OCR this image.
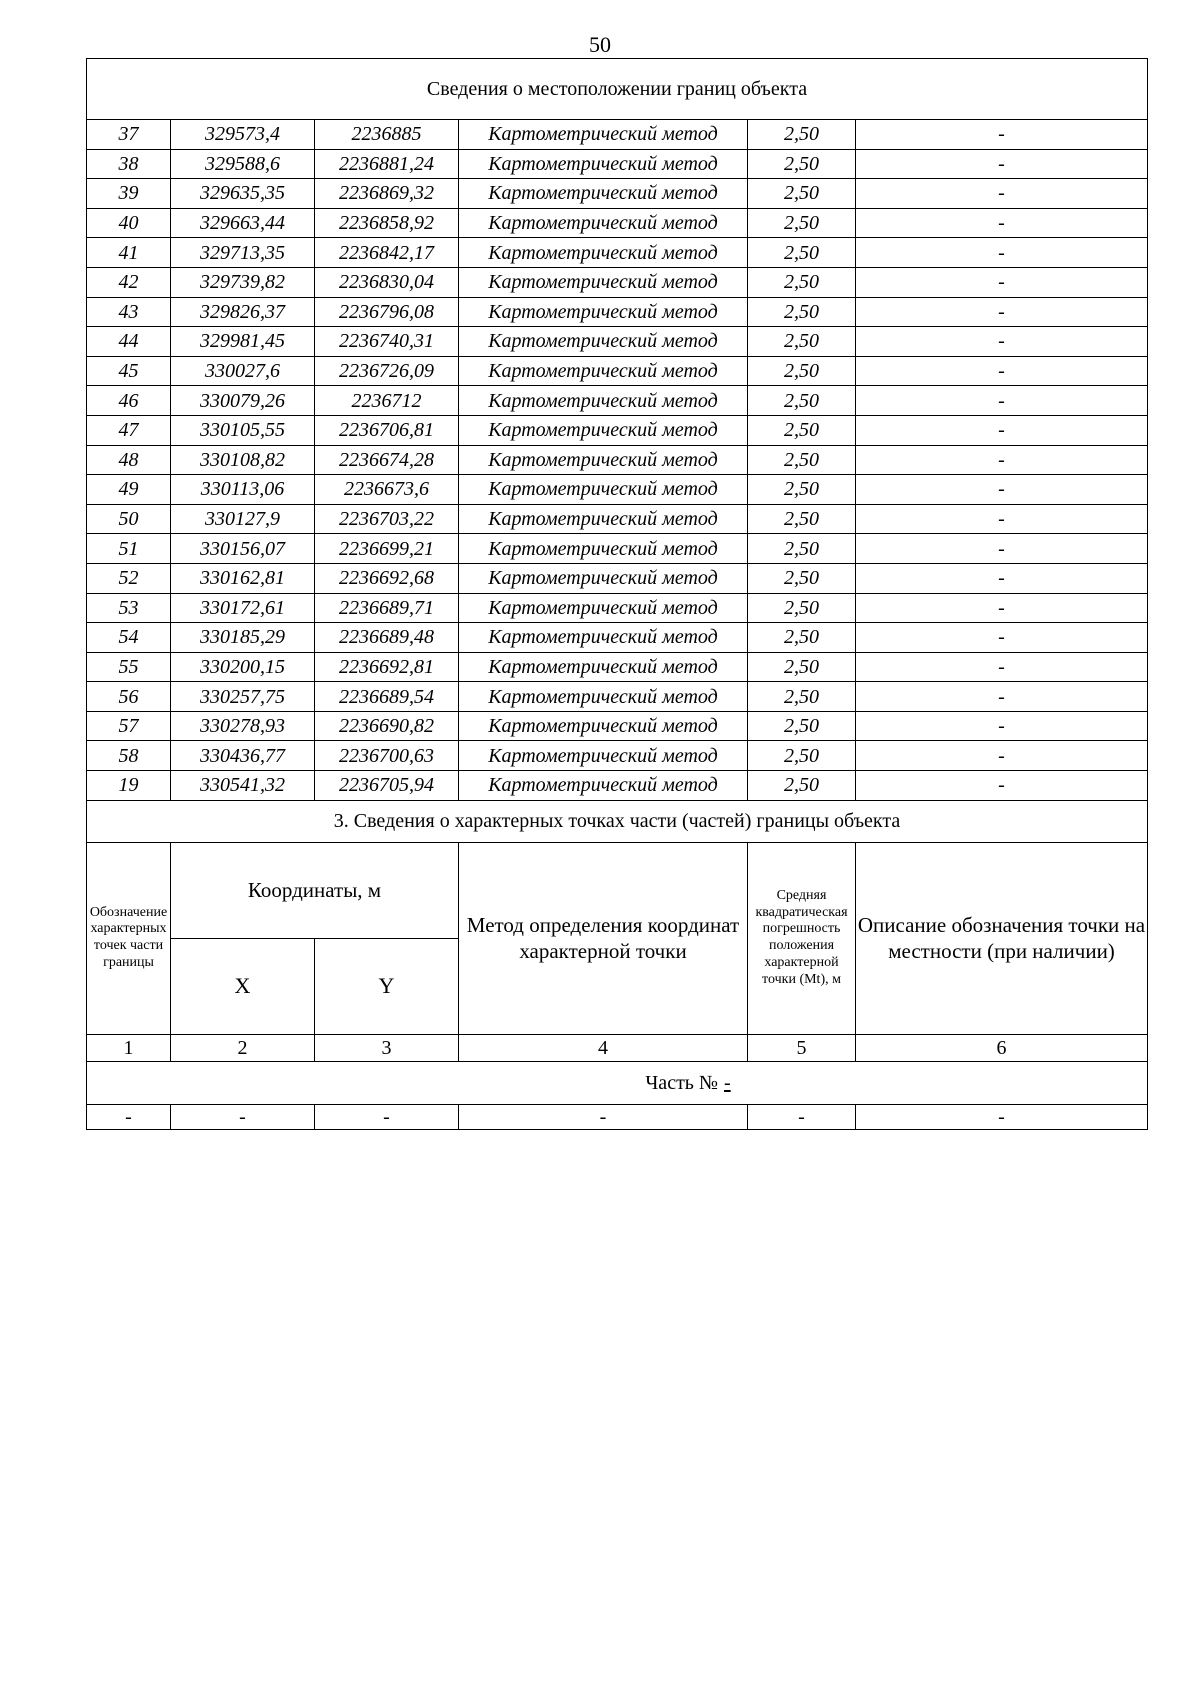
50
Сведения о местоположении границ объекта					
37	329573,4	2236885	Картометрический метод	2,50	-
38	329588,6	2236881,24	Картометрический метод	2,50	-
39	329635,35	2236869,32	Картометрический метод	2,50	-
40	329663,44	2236858,92	Картометрический метод	2,50	-
41	329713,35	2236842,17	Картометрический метод	2,50	-
42	329739,82	2236830,04	Картометрический метод	2,50	-
43	329826,37	2236796,08	Картометрический метод	2,50	-
44	329981,45	2236740,31	Картометрический метод	2,50	-
45	330027,6	2236726,09	Картометрический метод	2,50	-
46	330079,26	2236712	Картометрический метод	2,50	-
47	330105,55	2236706,81	Картометрический метод	2,50	-
48	330108,82	2236674,28	Картометрический метод	2,50	-
49	330113,06	2236673,6	Картометрический метод	2,50	-
50	330127,9	2236703,22	Картометрический метод	2,50	-
51	330156,07	2236699,21	Картометрический метод	2,50	-
52	330162,81	2236692,68	Картометрический метод	2,50	-
53	330172,61	2236689,71	Картометрический метод	2,50	-
54	330185,29	2236689,48	Картометрический метод	2,50	-
55	330200,15	2236692,81	Картометрический метод	2,50	-
56	330257,75	2236689,54	Картометрический метод	2,50	-
57	330278,93	2236690,82	Картометрический метод	2,50	-
58	330436,77	2236700,63	Картометрический метод	2,50	-
19	330541,32	2236705,94	Картометрический метод	2,50	-
3. Сведения о характерных точках части (частей) границы объекта					
Обозначение характерных точек части границы	Координаты, м		Метод определения координат характерной точки	Средняя квадратическая погрешность положения характерной точки (Mt), м	Описание обозначения точки на местности (при наличии)
	X	Y			
1	2	3	4	5	6
Часть № -					
-	-	-	-	-	-
